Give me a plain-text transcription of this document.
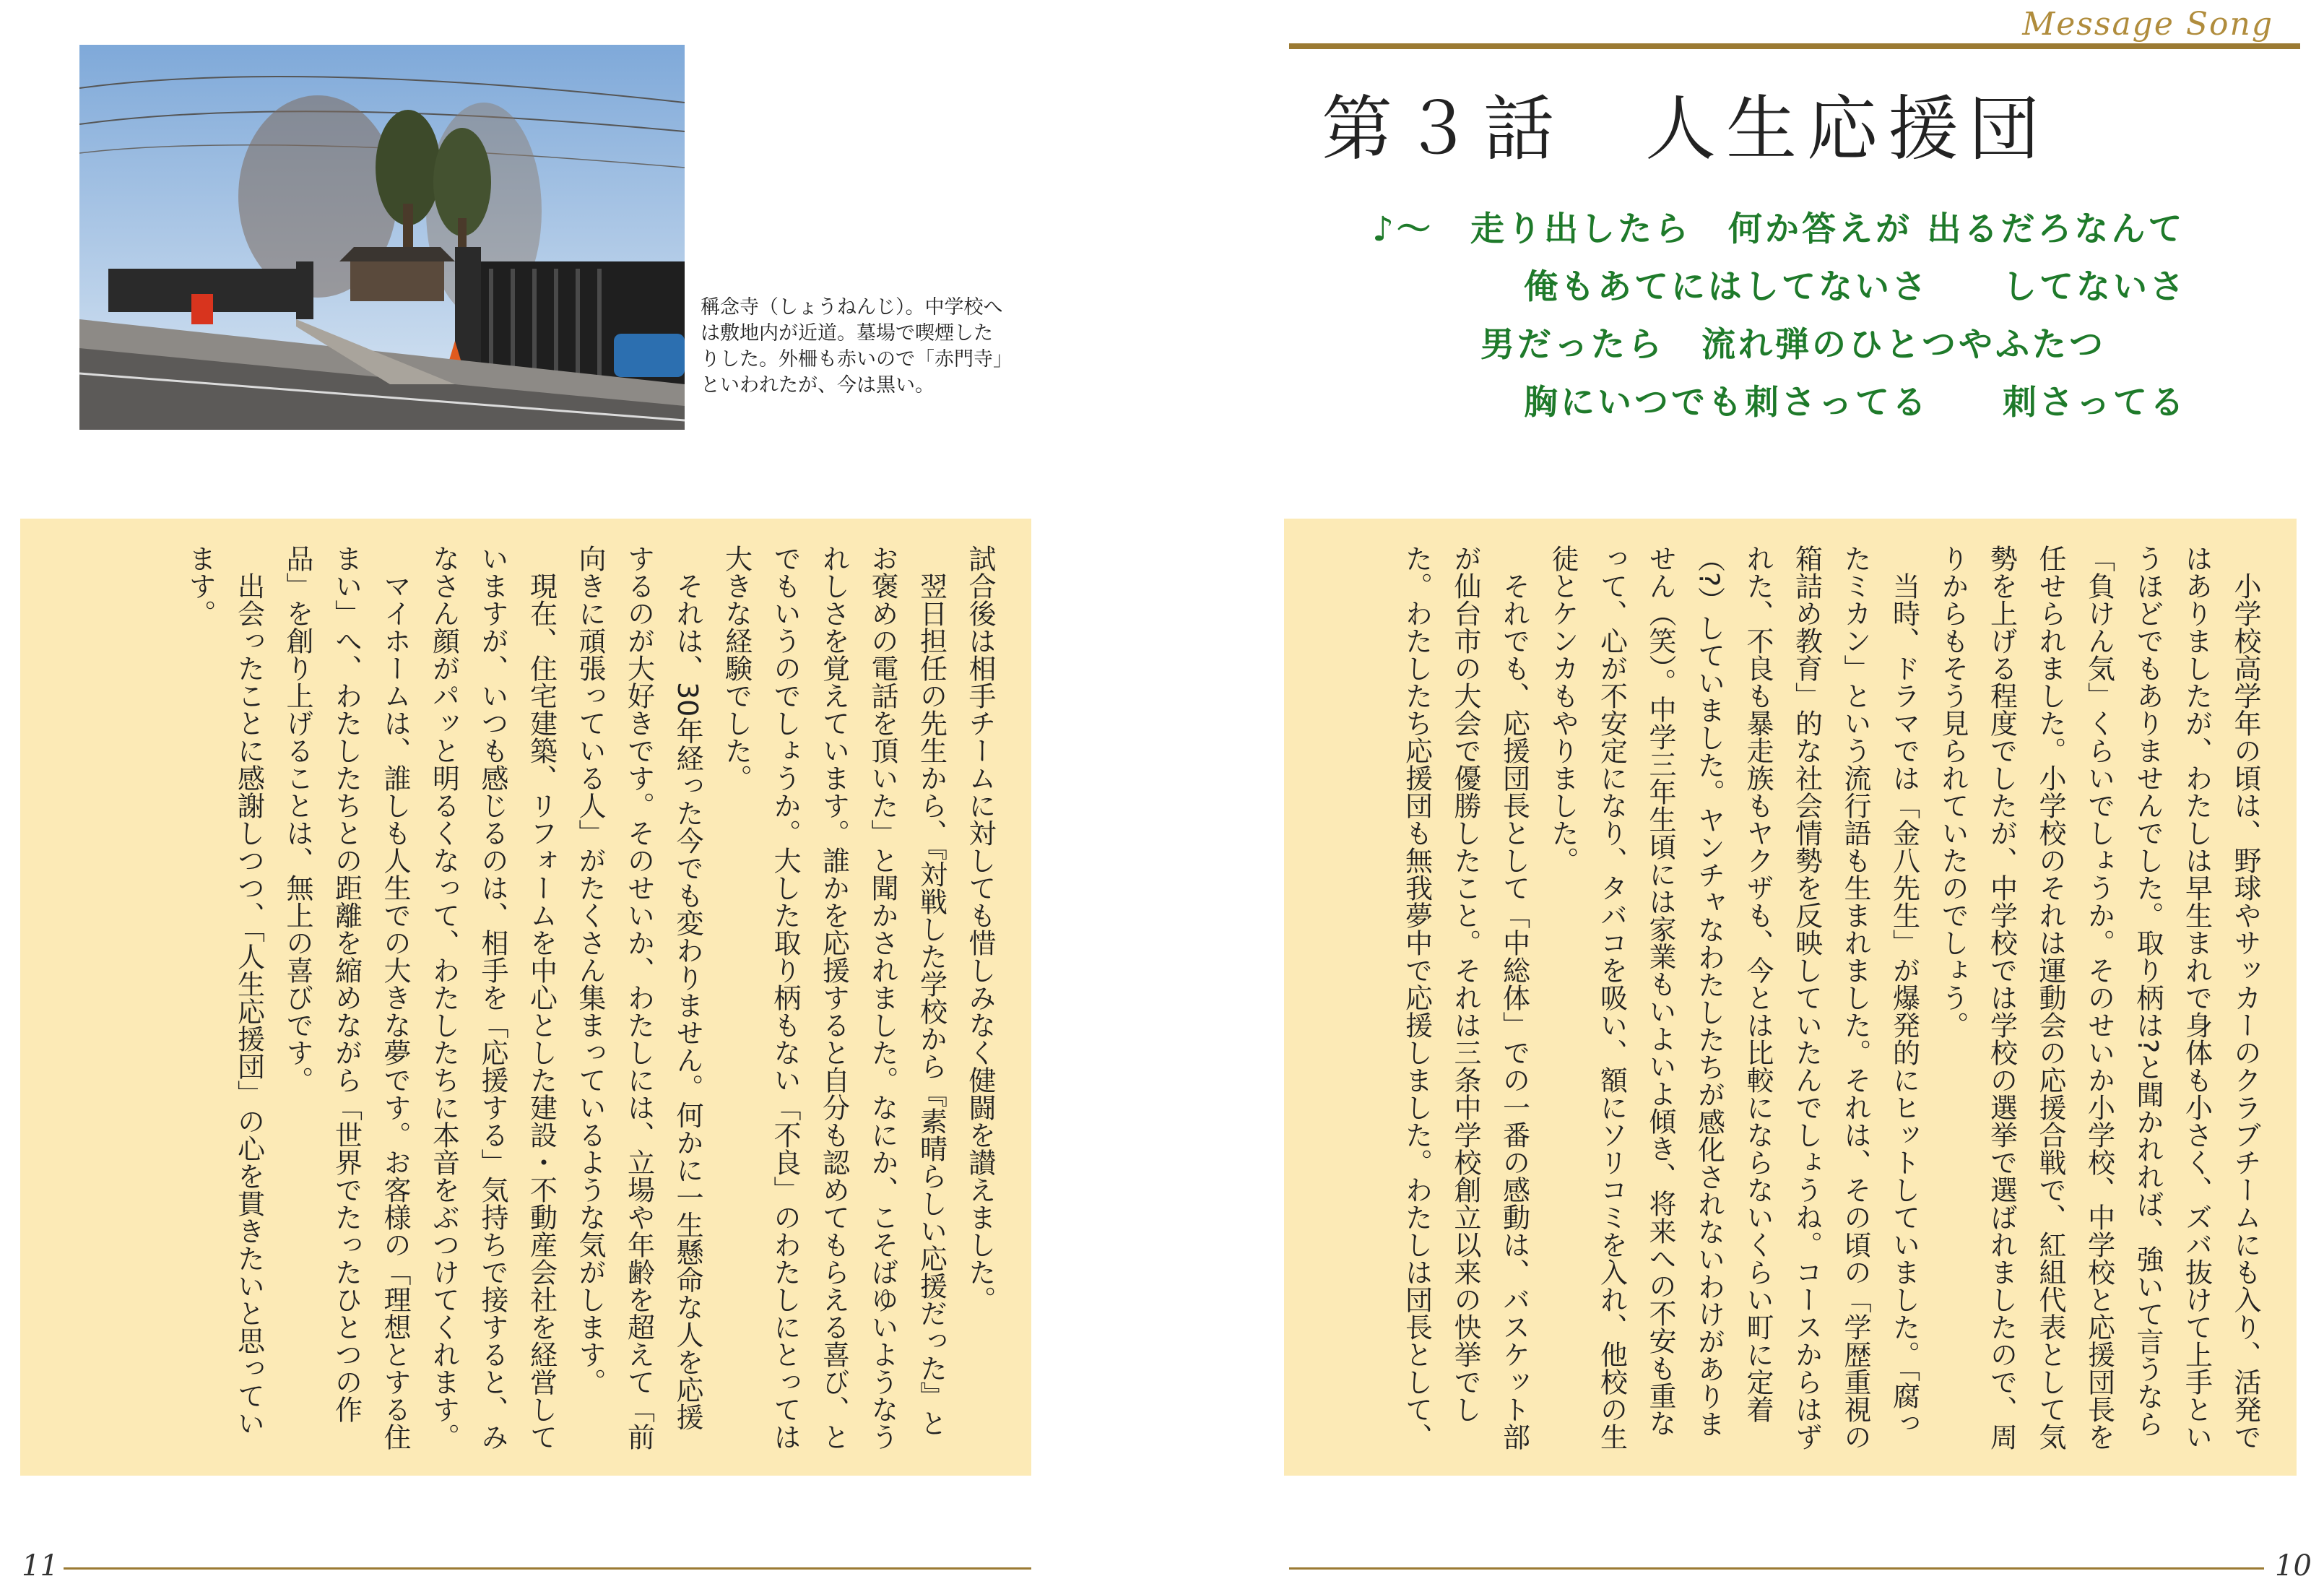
稱念寺（しょうねんじ）。中学校へは敷地内が近道。墓場で喫煙したりした。外柵も赤いので「赤門寺」といわれたが、今は黒い。

試合後は相手チームに対しても惜しみなく健闘を讃えました。

翌日担任の先生から、『対戦した学校から『素晴らしい応援だった』とお褒めの電話を頂いた」と聞かされました。なにか、こそばゆいようなうれしさを覚えています。誰かを応援すると自分も認めてもらえる喜び、とでもいうのでしょうか。大した取り柄もない「不良」のわたしにとっては大きな経験でした。

それは、30年経った今でも変わりません。何かに一生懸命な人を応援するのが大好きです。そのせいか、わたしには、立場や年齢を超えて「前向きに頑張っている人」がたくさん集まっているような気がします。

現在、住宅建築、リフォームを中心とした建設・不動産会社を経営していますが、いつも感じるのは、相手を「応援する」気持ちで接すると、みなさん顔がパッと明るくなって、わたしたちに本音をぶつけてくれます。

マイホームは、誰しも人生での大きな夢です。お客様の「理想とする住まい」へ、わたしたちとの距離を縮めながら「世界でたったひとつの作品」を創り上げることは、無上の喜びです。

出会ったことに感謝しつつ、「人生応援団」の心を貫きたいと思っています。

11
Message Song
第３話　人生応援団
♪～　走り出したら　何か答えが 出るだろなんて
俺もあてにはしてないさ　　してないさ
男だったら　流れ弾のひとつやふたつ
胸にいつでも刺さってる　　刺さってる

小学校高学年の頃は、野球やサッカーのクラブチームにも入り、活発ではありましたが、わたしは早生まれで身体も小さく、ズバ抜けて上手というほどでもありませんでした。取り柄は?と聞かれれば、強いて言うなら「負けん気」くらいでしょうか。そのせいか小学校、中学校と応援団長を任せられました。小学校のそれは運動会の応援合戦で、紅組代表として気勢を上げる程度でしたが、中学校では学校の選挙で選ばれましたので、周りからもそう見られていたのでしょう。

当時、ドラマでは「金八先生」が爆発的にヒットしていました。「腐ったミカン」という流行語も生まれました。それは、その頃の「学歴重視の箱詰め教育」的な社会情勢を反映していたんでしょうね。コースからはずれた、不良も暴走族もヤクザも、今とは比較にならないくらい町に定着（?）していました。ヤンチャなわたしたちが感化されないわけがありません（笑）。中学三年生頃には家業もいよいよ傾き、将来への不安も重なって、心が不安定になり、タバコを吸い、額にソリコミを入れ、他校の生徒とケンカもやりました。

それでも、応援団長として「中総体」での一番の感動は、バスケット部が仙台市の大会で優勝したこと。それは三条中学校創立以来の快挙でした。わたしたち応援団も無我夢中で応援しました。わたしは団長として、

10
